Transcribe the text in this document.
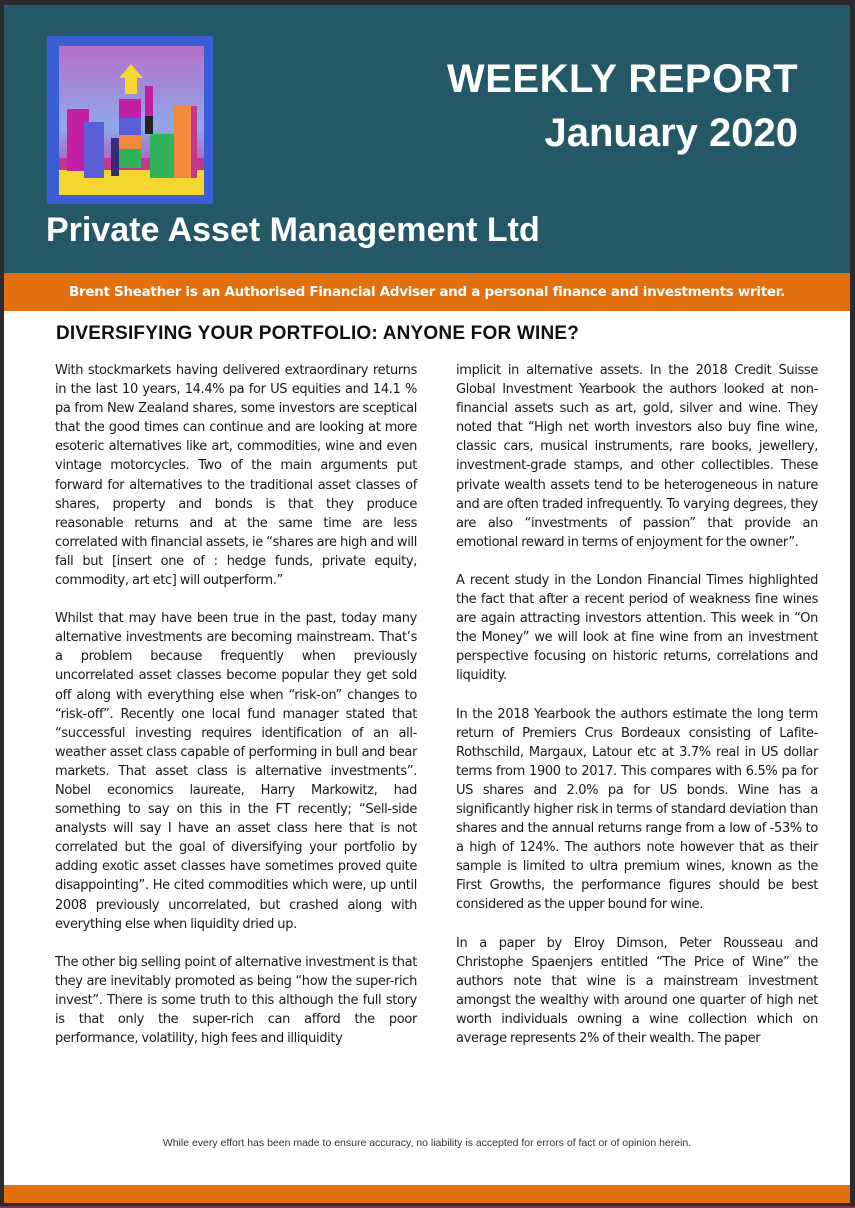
WEEKLY REPORT
January 2020
Private Asset Management Ltd
Brent Sheather is an Authorised Financial Adviser and a personal finance and investments writer.
DIVERSIFYING YOUR PORTFOLIO: ANYONE FOR WINE?

With stockmarkets having delivered extraordinary returns in the last 10 years, 14.4% pa for US equities and 14.1 % pa from New Zealand shares, some investors are sceptical that the good times can continue and are looking at more esoteric alternatives like art, commodities, wine and even vintage motorcycles. Two of the main arguments put forward for alternatives to the traditional asset classes of shares, property and bonds is that they produce reasonable returns and at the same time are less correlated with financial assets, ie “shares are high and will fall but [insert one of : hedge funds, private equity, commodity, art etc] will outperform.”

Whilst that may have been true in the past, today many alternative investments are becoming mainstream. That’s a problem because frequently when previously uncorrelated asset classes become popular they get sold off along with everything else when “risk-on” changes to “risk-off”. Recently one local fund manager stated that “successful investing requires identification of an all-weather asset class capable of performing in bull and bear markets. That asset class is alternative investments”. Nobel economics laureate, Harry Markowitz, had something to say on this in the FT recently; “Sell-side analysts will say I have an asset class here that is not correlated but the goal of diversifying your portfolio by adding exotic asset classes have sometimes proved quite disappointing”. He cited commodities which were, up until 2008 previously uncorrelated, but crashed along with everything else when liquidity dried up.

The other big selling point of alternative investment is that they are inevitably promoted as being “how the super-rich invest”. There is some truth to this although the full story is that only the super-rich can afford the poor performance, volatility, high fees and illiquidity

implicit in alternative assets. In the 2018 Credit Suisse Global Investment Yearbook the authors looked at non-financial assets such as art, gold, silver and wine. They noted that “High net worth investors also buy fine wine, classic cars, musical instruments, rare books, jewellery, investment-grade stamps, and other collectibles. These private wealth assets tend to be heterogeneous in nature and are often traded infrequently. To varying degrees, they are also “investments of passion” that provide an emotional reward in terms of enjoyment for the owner”.

A recent study in the London Financial Times highlighted the fact that after a recent period of weakness fine wines are again attracting investors attention. This week in “On the Money” we will look at fine wine from an investment perspective focusing on historic returns, correlations and liquidity.

In the 2018 Yearbook the authors estimate the long term return of Premiers Crus Bordeaux consisting of Lafite-Rothschild, Margaux, Latour etc at 3.7% real in US dollar terms from 1900 to 2017. This compares with 6.5% pa for US shares and 2.0% pa for US bonds. Wine has a significantly higher risk in terms of standard deviation than shares and the annual returns range from a low of -53% to a high of 124%. The authors note however that as their sample is limited to ultra premium wines, known as the First Growths, the performance figures should be best considered as the upper bound for wine.

In a paper by Elroy Dimson, Peter Rousseau and Christophe Spaenjers entitled “The Price of Wine” the authors note that wine is a mainstream investment amongst the wealthy with around one quarter of high net worth individuals owning a wine collection which on average represents 2% of their wealth. The paper

While every effort has been made to ensure accuracy, no liability is accepted for errors of fact or of opinion herein.
